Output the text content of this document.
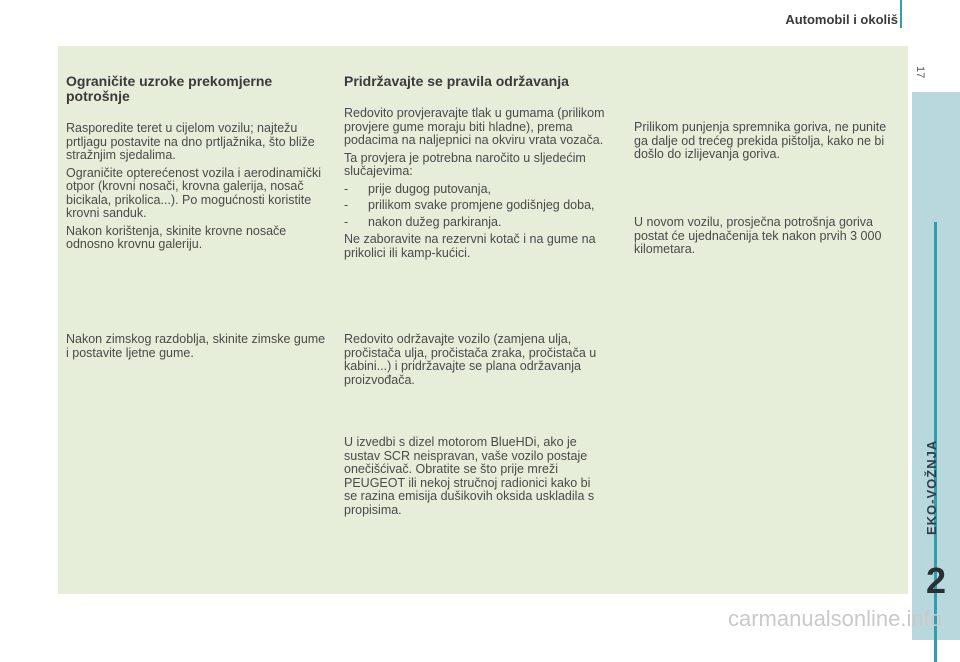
Automobil i okoliš
17
EKO-VOŽNJA
2
Ograničite uzroke prekomjerne potrošnje

Rasporedite teret u cijelom vozilu; najtežu prtljagu postavite na dno prtljažnika, što bliže stražnjim sjedalima.

Ograničite opterećenost vozila i aerodinamički otpor (krovni nosači, krovna galerija, nosač bicikala, prikolica...). Po mogućnosti koristite krovni sanduk.

Nakon korištenja, skinite krovne nosače odnosno krovnu galeriju.

Nakon zimskog razdoblja, skinite zimske gume i postavite ljetne gume.

Pridržavajte se pravila održavanja

Redovito provjeravajte tlak u gumama (prilikom provjere gume moraju biti hladne), prema podacima na naljepnici na okviru vrata vozača.

Ta provjera je potrebna naročito u sljedećim slučajevima:

- prije dugog putovanja,
- prilikom svake promjene godišnjeg doba,
- nakon dužeg parkiranja.

Ne zaboravite na rezervni kotač i na gume na prikolici ili kamp-kućici.

Redovito održavajte vozilo (zamjena ulja, pročistača ulja, pročistača zraka, pročistača u kabini...) i pridržavajte se plana održavanja proizvođača.

U izvedbi s dizel motorom BlueHDi, ako je sustav SCR neispravan, vaše vozilo postaje onečišćivač. Obratite se što prije mreži PEUGEOT ili nekoj stručnoj radionici kako bi se razina emisija dušikovih oksida uskladila s propisima.

Prilikom punjenja spremnika goriva, ne punite ga dalje od trećeg prekida pištolja, kako ne bi došlo do izlijevanja goriva.

U novom vozilu, prosječna potrošnja goriva postat će ujednačenija tek nakon prvih 3 000 kilometara.

carmanualsonline.info
